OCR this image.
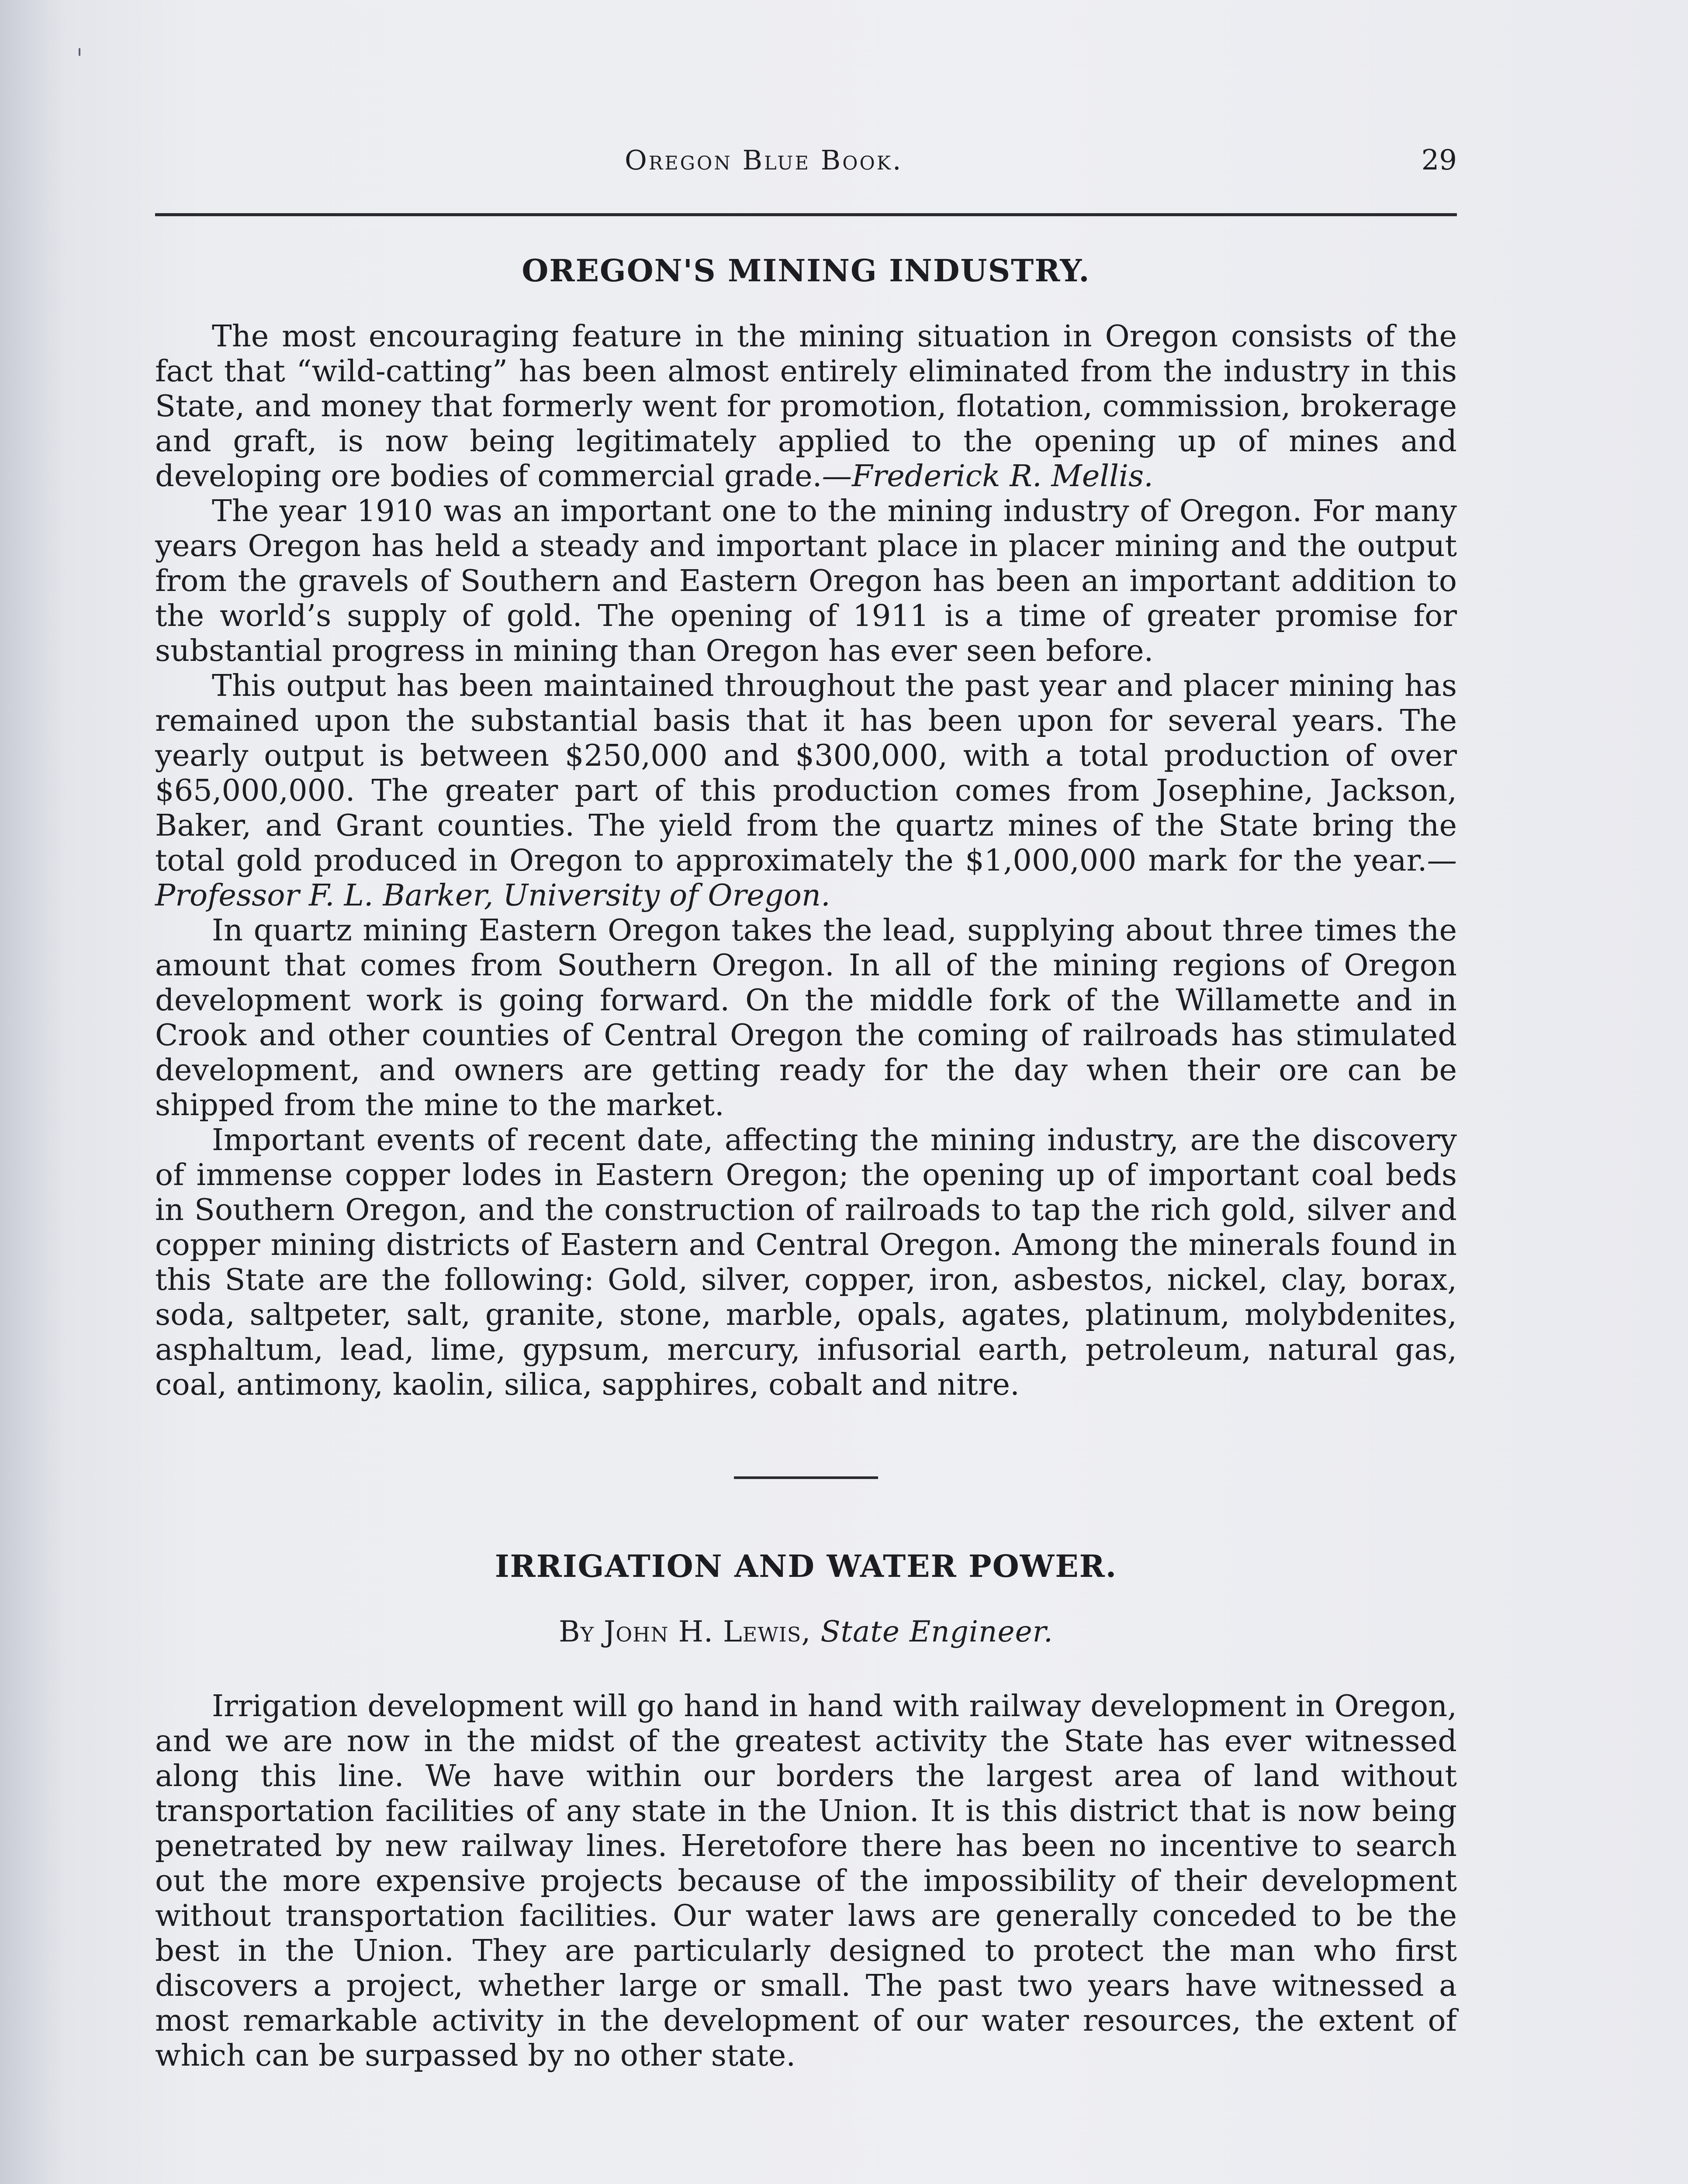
Oregon Blue Book.	29
OREGON'S MINING INDUSTRY.

The most encouraging feature in the mining situation in Oregon consists of the fact that “wild-catting” has been almost entirely eliminated from the industry in this State, and money that formerly went for promotion, flotation, commission, brokerage and graft, is now being legitimately applied to the opening up of mines and developing ore bodies of commercial grade.—Frederick R. Mellis.

The year 1910 was an important one to the mining industry of Oregon. For many years Oregon has held a steady and important place in placer mining and the output from the gravels of Southern and Eastern Oregon has been an important addition to the world’s supply of gold. The opening of 1911 is a time of greater promise for substantial progress in mining than Oregon has ever seen before.

This output has been maintained throughout the past year and placer mining has remained upon the substantial basis that it has been upon for several years. The yearly output is between $250,000 and $300,000, with a total production of over $65,000,000. The greater part of this production comes from Josephine, Jackson, Baker, and Grant counties. The yield from the quartz mines of the State bring the total gold produced in Oregon to approximately the $1,000,000 mark for the year.—Professor F. L. Barker, University of Oregon.

In quartz mining Eastern Oregon takes the lead, supplying about three times the amount that comes from Southern Oregon. In all of the mining regions of Oregon development work is going forward. On the middle fork of the Willamette and in Crook and other counties of Central Oregon the coming of railroads has stimulated development, and owners are getting ready for the day when their ore can be shipped from the mine to the market.

Important events of recent date, affecting the mining industry, are the discovery of immense copper lodes in Eastern Oregon; the opening up of important coal beds in Southern Oregon, and the construction of railroads to tap the rich gold, silver and copper mining districts of Eastern and Central Oregon. Among the minerals found in this State are the following: Gold, silver, copper, iron, asbestos, nickel, clay, borax, soda, saltpeter, salt, granite, stone, marble, opals, agates, platinum, molybdenites, asphaltum, lead, lime, gypsum, mercury, infusorial earth, petroleum, natural gas, coal, antimony, kaolin, silica, sapphires, cobalt and nitre.

IRRIGATION AND WATER POWER.
By John H. Lewis, State Engineer.

Irrigation development will go hand in hand with railway development in Oregon, and we are now in the midst of the greatest activity the State has ever witnessed along this line. We have within our borders the largest area of land without transportation facilities of any state in the Union. It is this district that is now being penetrated by new railway lines. Heretofore there has been no incentive to search out the more expensive projects because of the impossibility of their development without transportation facilities. Our water laws are generally conceded to be the best in the Union. They are particularly designed to protect the man who first discovers a project, whether large or small. The past two years have witnessed a most remarkable activity in the development of our water resources, the extent of which can be surpassed by no other state.
